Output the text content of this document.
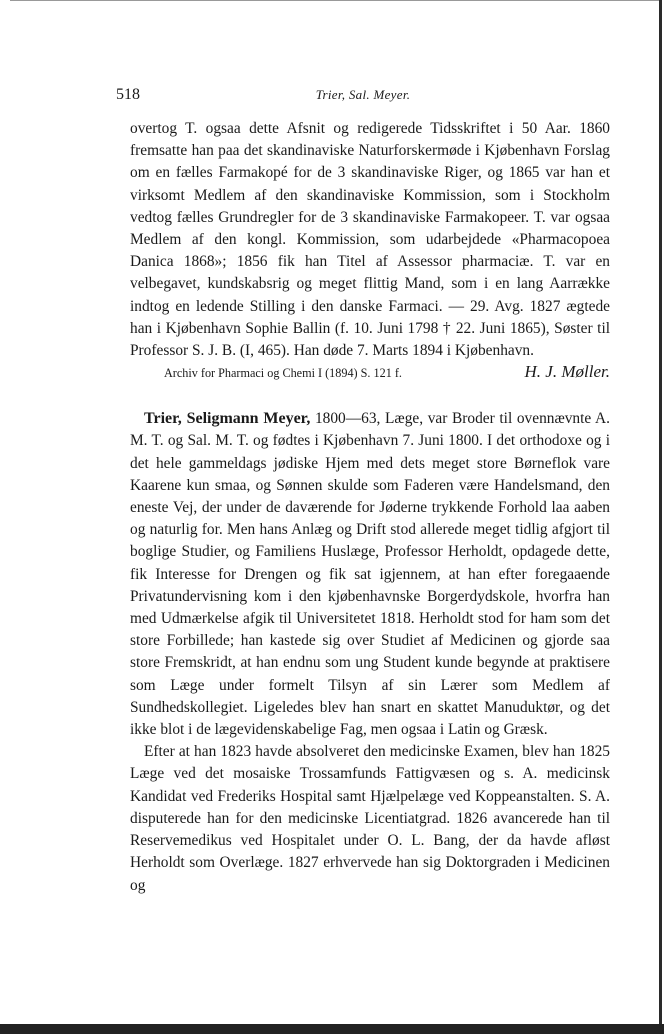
518	Trier, Sal. Meyer.

overtog T. ogsaa dette Afsnit og redigerede Tidsskriftet i 50 Aar. 1860 fremsatte han paa det skandinaviske Naturforskermøde i Kjøbenhavn Forslag om en fælles Farmakopé for de 3 skandinaviske Riger, og 1865 var han et virksomt Medlem af den skandinaviske Kommission, som i Stockholm vedtog fælles Grundregler for de 3 skandinaviske Farmakopeer. T. var ogsaa Medlem af den kongl. Kommission, som udarbejdede «Pharmacopoea Danica 1868»; 1856 fik han Titel af Assessor pharmaciæ. T. var en velbegavet, kundskabsrig og meget flittig Mand, som i en lang Aarrække indtog en ledende Stilling i den danske Farmaci. — 29. Avg. 1827 ægtede han i Kjøbenhavn Sophie Ballin (f. 10. Juni 1798 † 22. Juni 1865), Søster til Professor S. J. B. (I, 465). Han døde 7. Marts 1894 i Kjøbenhavn.

Archiv for Pharmaci og Chemi I (1894) S. 121 f.	H. J. Møller.

Trier, Seligmann Meyer, 1800—63, Læge, var Broder til ovennævnte A. M. T. og Sal. M. T. og fødtes i Kjøbenhavn 7. Juni 1800. I det orthodoxe og i det hele gammeldags jødiske Hjem med dets meget store Børneflok vare Kaarene kun smaa, og Sønnen skulde som Faderen være Handelsmand, den eneste Vej, der under de daværende for Jøderne trykkende Forhold laa aaben og naturlig for. Men hans Anlæg og Drift stod allerede meget tidlig afgjort til boglige Studier, og Familiens Huslæge, Professor Herholdt, opdagede dette, fik Interesse for Drengen og fik sat igjennem, at han efter foregaaende Privatundervisning kom i den kjøbenhavnske Borgerdydskole, hvorfra han med Udmærkelse afgik til Universitetet 1818. Herholdt stod for ham som det store Forbillede; han kastede sig over Studiet af Medicinen og gjorde saa store Fremskridt, at han endnu som ung Student kunde begynde at praktisere som Læge under formelt Tilsyn af sin Lærer som Medlem af Sundhedskollegiet. Ligeledes blev han snart en skattet Manuduktør, og det ikke blot i de lægevidenskabelige Fag, men ogsaa i Latin og Græsk.

Efter at han 1823 havde absolveret den medicinske Examen, blev han 1825 Læge ved det mosaiske Trossamfunds Fattigvæsen og s. A. medicinsk Kandidat ved Frederiks Hospital samt Hjælpelæge ved Koppeanstalten. S. A. disputerede han for den medicinske Licentiatgrad. 1826 avancerede han til Reservemedikus ved Hospitalet under O. L. Bang, der da havde afløst Herholdt som Overlæge. 1827 erhvervede han sig Doktorgraden i Medicinen og
